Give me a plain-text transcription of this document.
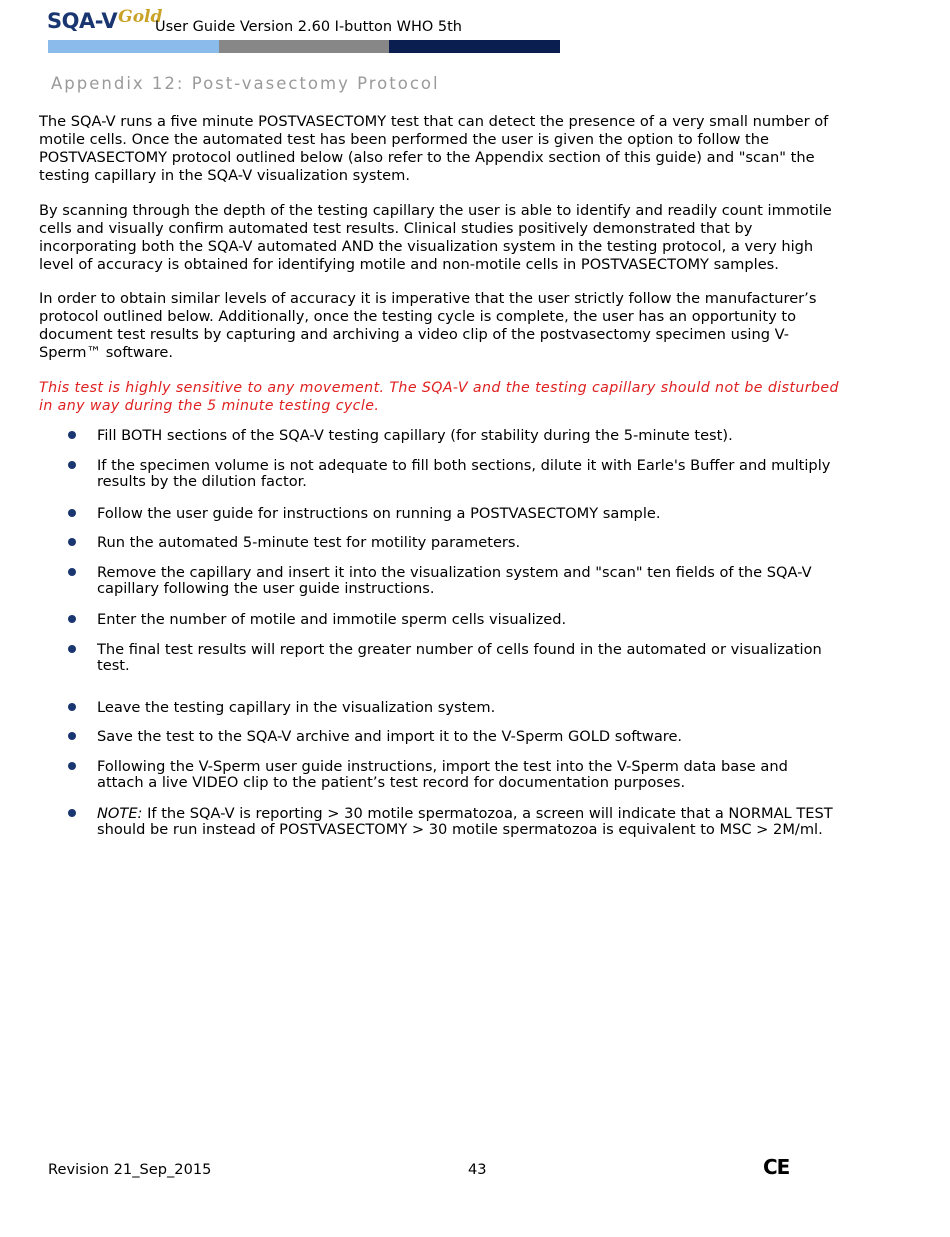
SQA-V Gold
User Guide Version 2.60 I-button WHO 5th
Appendix 12: Post-vasectomy Protocol
The SQA-V runs a five minute POSTVASECTOMY test that can detect the presence of a very small number of motile cells. Once the automated test has been performed the user is given the option to follow the POSTVASECTOMY protocol outlined below (also refer to the Appendix section of this guide) and "scan" the testing capillary in the SQA-V visualization system.
By scanning through the depth of the testing capillary the user is able to identify and readily count immotile cells and visually confirm automated test results. Clinical studies positively demonstrated that by incorporating both the SQA-V automated AND the visualization system in the testing protocol, a very high level of accuracy is obtained for identifying motile and non-motile cells in POSTVASECTOMY samples.
In order to obtain similar levels of accuracy it is imperative that the user strictly follow the manufacturer’s protocol outlined below. Additionally, once the testing cycle is complete, the user has an opportunity to document test results by capturing and archiving a video clip of the postvasectomy specimen using V-Sperm™ software.
This test is highly sensitive to any movement. The SQA-V and the testing capillary should not be disturbed in any way during the 5 minute testing cycle.
Fill BOTH sections of the SQA-V testing capillary (for stability during the 5-minute test).
If the specimen volume is not adequate to fill both sections, dilute it with Earle's Buffer and multiply results by the dilution factor.
Follow the user guide for instructions on running a POSTVASECTOMY sample.
Run the automated 5-minute test for motility parameters.
Remove the capillary and insert it into the visualization system and "scan" ten fields of the SQA-V capillary following the user guide instructions.
Enter the number of motile and immotile sperm cells visualized.
The final test results will report the greater number of cells found in the automated or visualization test.
Leave the testing capillary in the visualization system.
Save the test to the SQA-V archive and import it to the V-Sperm GOLD software.
Following the V-Sperm user guide instructions, import the test into the V-Sperm data base and attach a live VIDEO clip to the patient’s test record for documentation purposes.
NOTE: If the SQA-V is reporting > 30 motile spermatozoa, a screen will indicate that a NORMAL TEST should be run instead of POSTVASECTOMY > 30 motile spermatozoa is equivalent to MSC > 2M/ml.
Revision 21_Sep_2015	43	CE
